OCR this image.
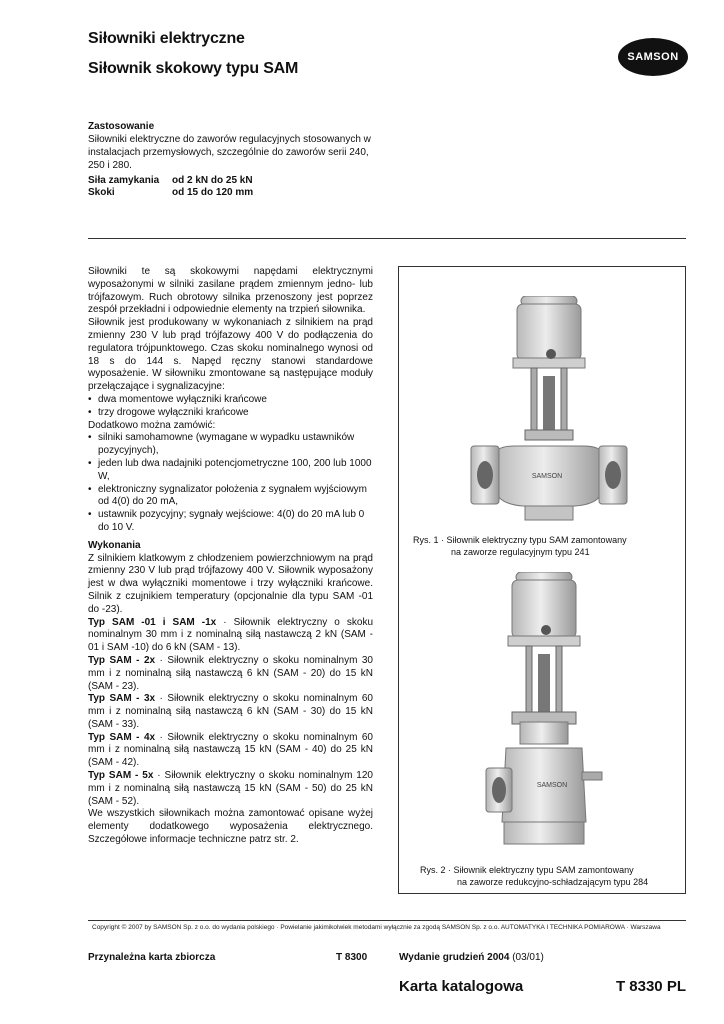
Siłowniki elektryczne
Siłownik skokowy typu SAM
SAMSON
Zastosowanie
Siłowniki elektryczne do zaworów regulacyjnych stosowanych w instalacjach przemysłowych, szczególnie do zaworów serii 240, 250 i 280.
Siła zamykania	od 2 kN do 25 kN
Skoki	od 15 do 120 mm

Siłowniki te są skokowymi napędami elektrycznymi wyposażonymi w silniki zasilane prądem zmiennym jedno- lub trójfazowym. Ruch obrotowy silnika przenoszony jest poprzez zespół przekładni i odpowiednie elementy na trzpień siłownika.

Siłownik jest produkowany w wykonaniach z silnikiem na prąd zmienny 230 V lub prąd trójfazowy 400 V do podłączenia do regulatora trójpunktowego. Czas skoku nominalnego wynosi od 18 s do 144 s. Napęd ręczny stanowi standardowe wyposażenie. W siłowniku zmontowane są następujące moduły przełączające i sygnalizacyjne:

• dwa momentowe wyłączniki krańcowe
• trzy drogowe wyłączniki krańcowe

Dodatkowo można zamówić:

• silniki samohamowne (wymagane w wypadku ustawników pozycyjnych),
• jeden lub dwa nadajniki potencjometryczne 100, 200 lub 1000 W,
• elektroniczny sygnalizator położenia z sygnałem wyjściowym od 4(0) do 20 mA,
• ustawnik pozycyjny; sygnały wejściowe: 4(0) do 20 mA lub 0 do 10 V.
Wykonania

Z silnikiem klatkowym z chłodzeniem powierzchniowym na prąd zmienny 230 V lub prąd trójfazowy 400 V. Siłownik wyposażony jest w dwa wyłączniki momentowe i trzy wyłączniki krańcowe. Silnik z czujnikiem temperatury (opcjonalnie dla typu SAM -01 do -23).

Typ SAM -01 i SAM -1x · Siłownik elektryczny o skoku nominalnym 30 mm i z nominalną siłą nastawczą 2 kN (SAM - 01 i SAM -10) do 6 kN (SAM - 13).

Typ SAM - 2x · Siłownik elektryczny o skoku nominalnym 30 mm i z nominalną siłą nastawczą 6 kN (SAM - 20) do 15 kN (SAM - 23).

Typ SAM - 3x · Siłownik elektryczny o skoku nominalnym 60 mm i z nominalną siłą nastawczą 6 kN (SAM - 30) do 15 kN (SAM - 33).

Typ SAM - 4x · Siłownik elektryczny o skoku nominalnym 60 mm i z nominalną siłą nastawczą 15 kN (SAM - 40) do 25 kN (SAM - 42).

Typ SAM - 5x · Siłownik elektryczny o skoku nominalnym 120 mm i z nominalną siłą nastawczą 15 kN (SAM - 50) do 25 kN (SAM - 52).

We wszystkich siłownikach można zamontować opisane wyżej elementy dodatkowego wyposażenia elektrycznego. Szczegółowe informacje techniczne patrz str. 2.

SAMSON
Rys. 1 · Siłownik elektryczny typu SAM zamontowany
na zaworze regulacyjnym typu 241
SAMSON
Rys. 2 · Siłownik elektryczny typu SAM zamontowany
na zaworze redukcyjno-schładzającym typu 284
Copyright © 2007 by SAMSON Sp. z o.o. do wydania polskiego · Powielanie jakimikolwiek metodami wyłącznie za zgodą SAMSON Sp. z o.o. AUTOMATYKA I TECHNIKA POMIAROWA · Warszawa
Przynależna karta zbiorcza	T 8300	Wydanie grudzień 2004 (03/01)
Karta katalogowa	T 8330 PL
